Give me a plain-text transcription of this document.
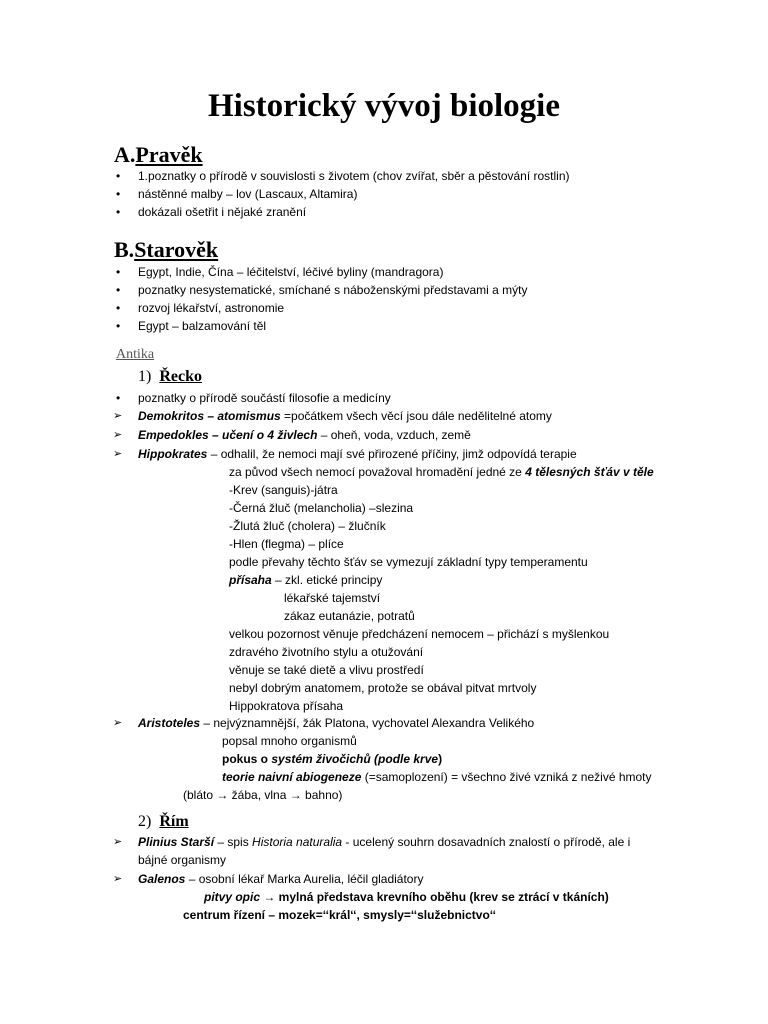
Historický vývoj biologie
A.Pravěk
•	1.poznatky o přírodě v souvislosti s životem (chov zvířat, sběr a pěstování rostlin)
•	nástěnné malby – lov (Lascaux, Altamira)
•	dokázali ošetřit i nějaké zranění
B.Starověk
•	Egypt, Indie, Čína – léčitelství, léčivé byliny (mandragora)
•	poznatky nesystematické, smíchané s náboženskými představami a mýty
•	rozvoj lékařství, astronomie
•	Egypt – balzamování těl
Antika
1) Řecko
•	poznatky o přírodě součástí filosofie a medicíny
➢ Demokritos – atomismus =počátkem všech věcí jsou dále nedělitelné atomy
➢ Empedokles – učení o 4 živlech – oheň, voda, vzduch, země
➢ Hippokrates – odhalil, že nemoci mají své přirozené příčiny, jimž odpovídá terapie
za původ všech nemocí považoval hromadění jedné ze 4 tělesných šťáv v těle
-Krev (sanguis)-játra
-Černá žluč (melancholia) –slezina
-Žlutá žluč (cholera) – žlučník
-Hlen (flegma) – plíce
podle převahy těchto šťáv se vymezují základní typy temperamentu
přísaha – zkl. etické principy
lékařské tajemství
zákaz eutanázie, potratů
velkou pozornost věnuje předcházení nemocem – přichází s myšlenkou
zdravého životního stylu a otužování
věnuje se také dietě a vlivu prostředí
nebyl dobrým anatomem, protože se obával pitvat mrtvoly
Hippokratova přísaha
➢ Aristoteles – nejvýznamnější, žák Platona, vychovatel Alexandra Velikého
popsal mnoho organismů
pokus o systém živočichů (podle krve)
teorie naivní abiogeneze (=samoplození) = všechno živé vzniká z neživé hmoty
(bláto → žába, vlna → bahno)
2) Řím
➢ Plinius Starší – spis Historia naturalia - ucelený souhrn dosavadních znalostí o přírodě, ale i
bájné organismy
➢ Galenos – osobní lékař Marka Aurelia, léčil gladiátory
pitvy opic → mylná představa krevního oběhu (krev se ztrácí v tkáních)
centrum řízení – mozek=‘‘král‘‘, smysly=‘‘služebnictvo‘‘
